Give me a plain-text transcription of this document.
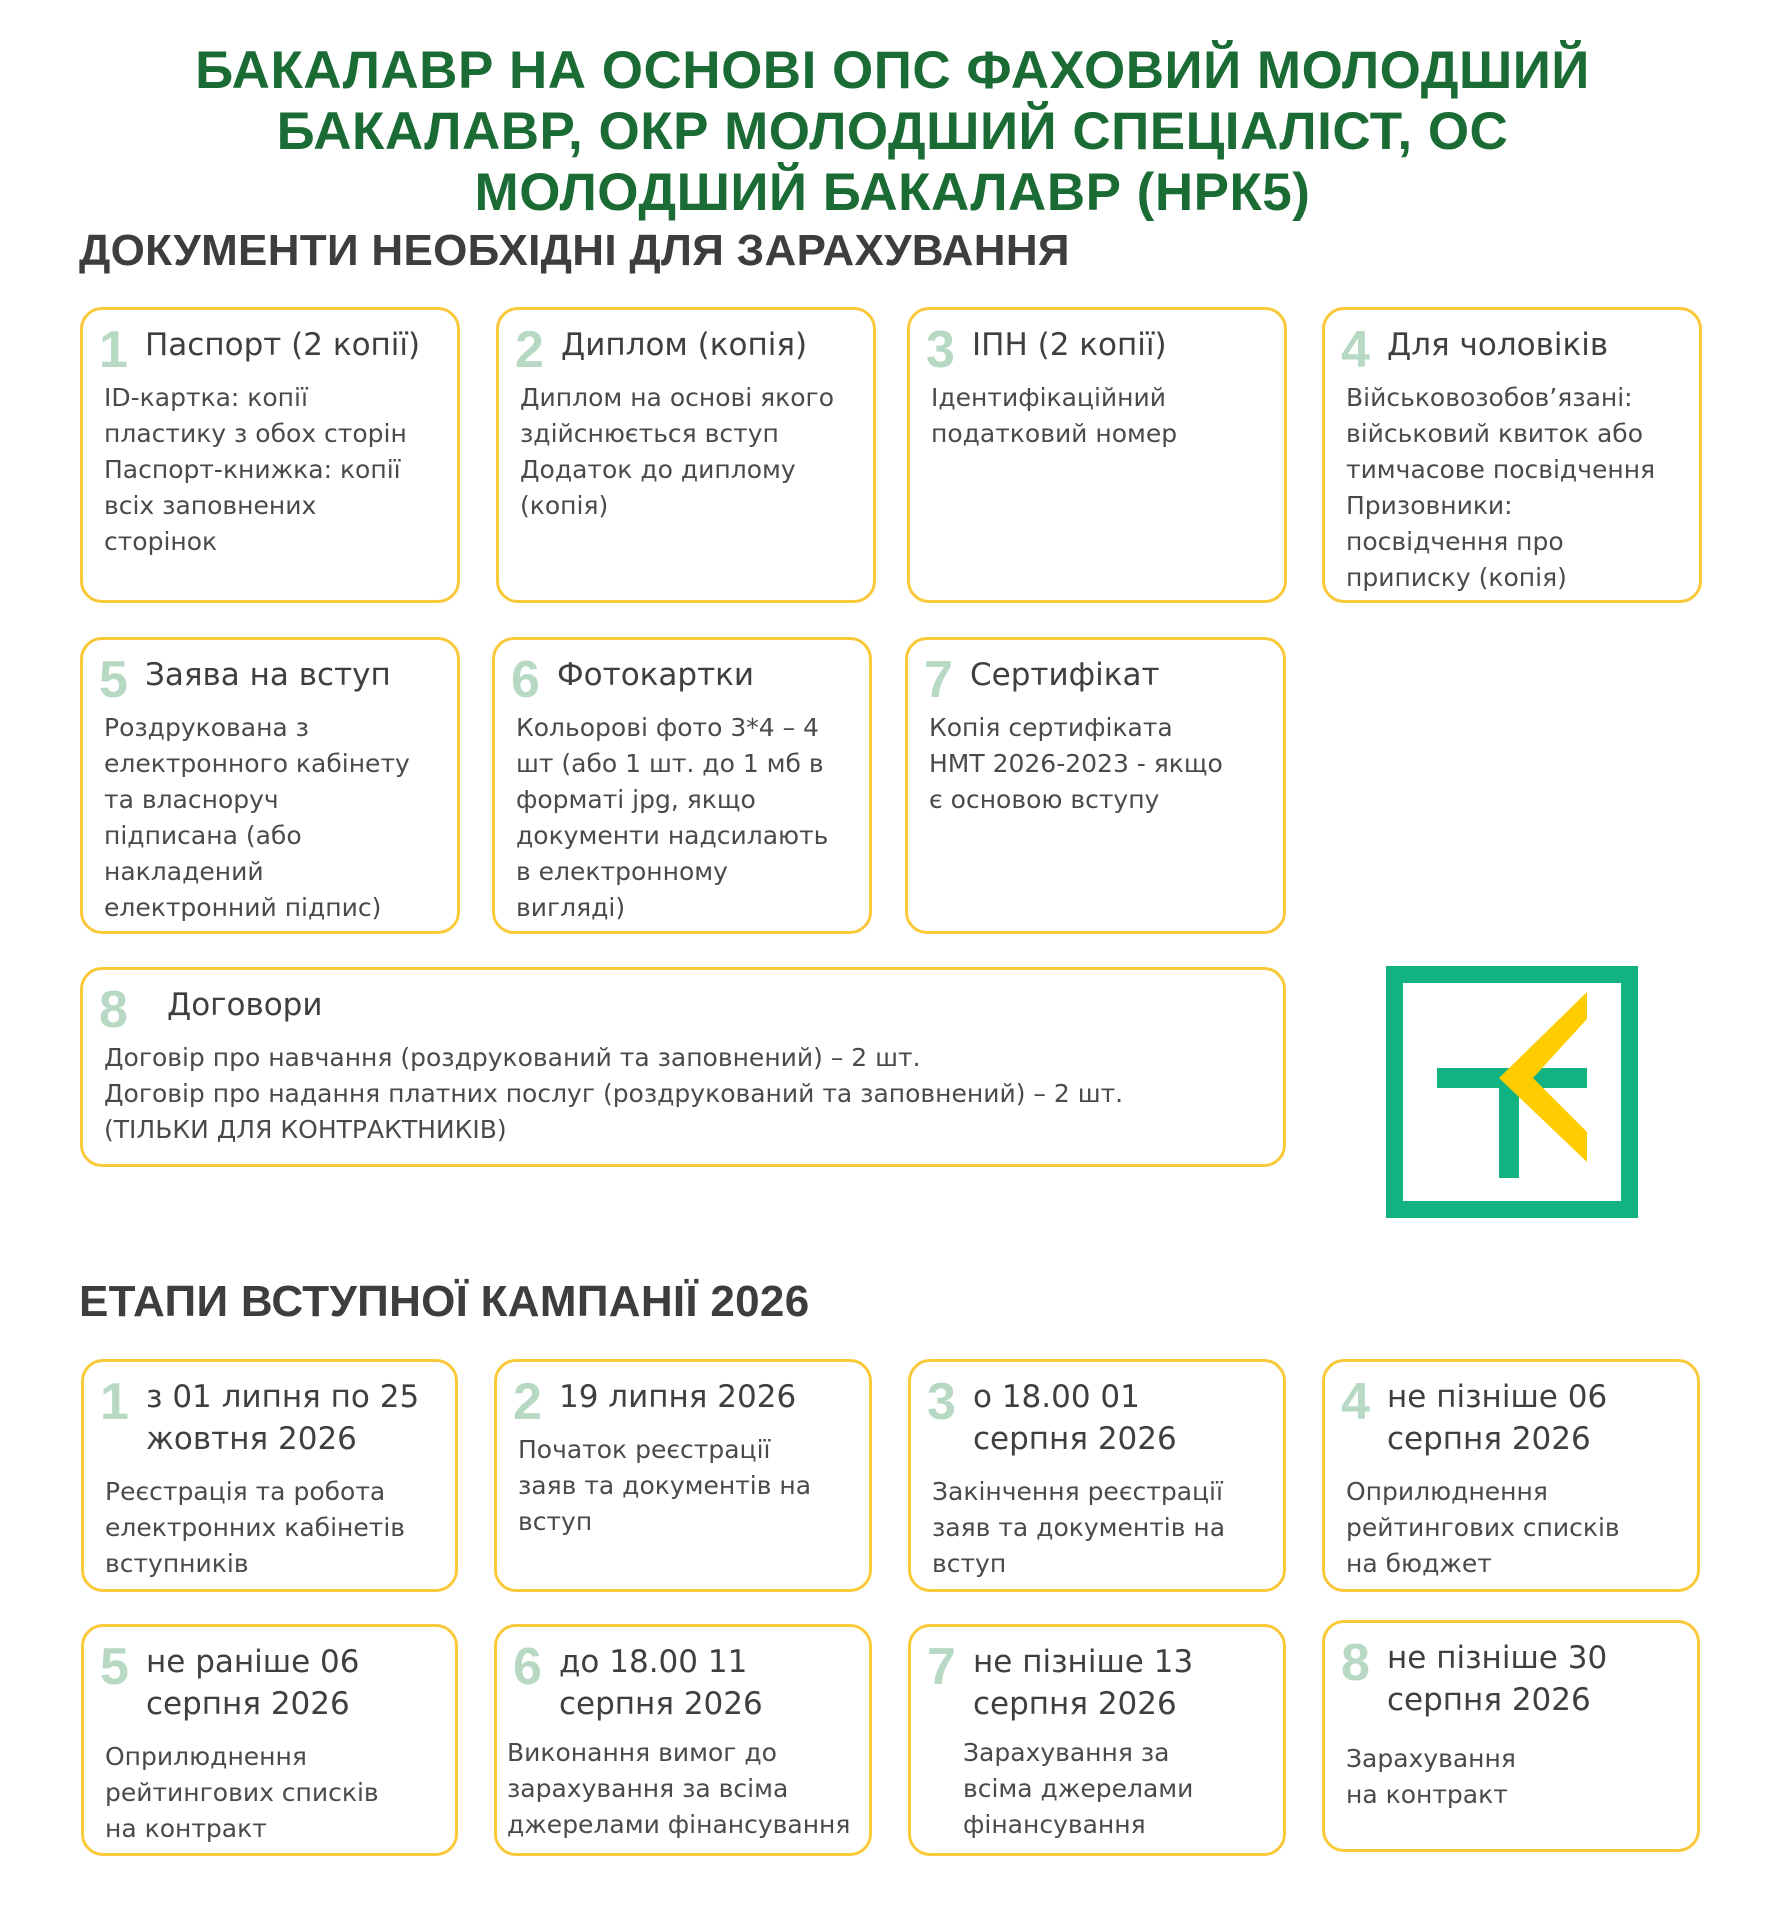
БАКАЛАВР НА ОСНОВІ ОПС ФАХОВИЙ МОЛОДШИЙ
БАКАЛАВР, ОКР МОЛОДШИЙ СПЕЦІАЛІСТ, ОС
МОЛОДШИЙ БАКАЛАВР (НРК5)
ДОКУМЕНТИ НЕОБХІДНІ ДЛЯ ЗАРАХУВАННЯ
1 Паспорт (2 копії)
ID-картка: копії
пластику з обох сторін
Паспорт-книжка: копії
всіх заповнених
сторінок
2 Диплом (копія)
Диплом на основі якого
здійснюється вступ
Додаток до диплому
(копія)
3 ІПН (2 копії)
Ідентифікаційний
податковий номер
4 Для чоловіків
Військовозобов’язані:
військовий квиток або
тимчасове посвідчення
Призовники:
посвідчення про
приписку (копія)
5 Заява на вступ
Роздрукована з
електронного кабінету
та власноруч
підписана (або
накладений
електронний підпис)
6 Фотокартки
Кольорові фото 3*4 – 4
шт (або 1 шт. до 1 мб в
форматі jpg, якщо
документи надсилають
в електронному
вигляді)
7 Сертифікат
Копія сертифіката
НМТ 2026-2023 - якщо
є основою вступу
8 Договори
Договір про навчання (роздрукований та заповнений) – 2 шт.
Договір про надання платних послуг (роздрукований та заповнений) – 2 шт.
(ТІЛЬКИ ДЛЯ КОНТРАКТНИКІВ)
ЕТАПИ ВСТУПНОЇ КАМПАНІЇ 2026
1 з 01 липня по 25
жовтня 2026
Реєстрація та робота
електронних кабінетів
вступників
2 19 липня 2026
Початок реєстрації
заяв та документів на
вступ
3 о 18.00 01
серпня 2026
Закінчення реєстрації
заяв та документів на
вступ
4 не пізніше 06
серпня 2026
Оприлюднення
рейтингових списків
на бюджет
5 не раніше 06
серпня 2026
Оприлюднення
рейтингових списків
на контракт
6 до 18.00 11
серпня 2026
Виконання вимог до
зарахування за всіма
джерелами фінансування
7 не пізніше 13
серпня 2026
Зарахування за
всіма джерелами
фінансування
8 не пізніше 30
серпня 2026
Зарахування
на контракт
